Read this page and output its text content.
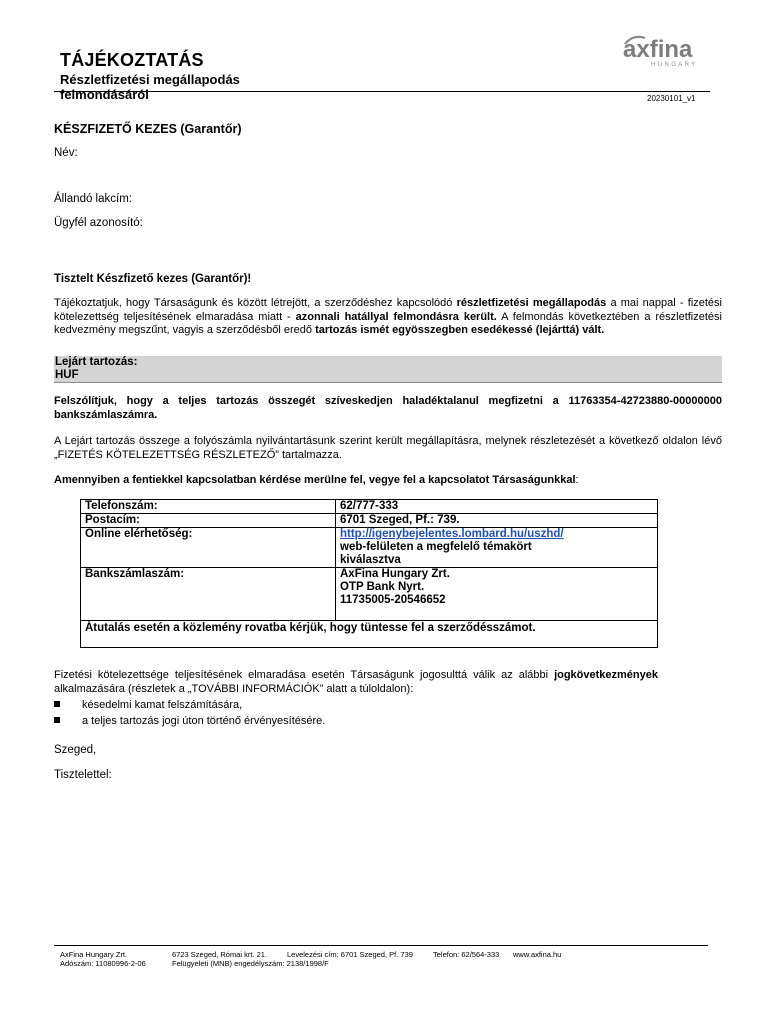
TÁJÉKOZTATÁS
Részletfizetési megállapodás felmondásáról	20230101_v1
axfina
HUNGARY
KÉSZFIZETŐ KEZES (Garantőr)
Név:
Állandó lakcím:
Ügyfél azonosító:
Tisztelt Készfizető kezes (Garantőr)!
Tájékoztatjuk, hogy Társaságunk és között létrejött, a szerződéshez kapcsolódó részletfizetési megállapodás a mai nappal - fizetési kötelezettség teljesítésének elmaradása miatt - azonnali hatállyal felmondásra került. A felmondás következtében a részletfizetési kedvezmény megszűnt, vagyis a szerződésből eredő tartozás ismét egyösszegben esedékessé (lejárttá) vált.
Lejárt tartozás:
HUF
Felszólítjuk, hogy a teljes tartozás összegét szíveskedjen haladéktalanul megfizetni a 11763354-42723880-00000000 bankszámlaszámra.
A Lejárt tartozás összege a folyószámla nyilvántartásunk szerint került megállapításra, melynek részletezését a következő oldalon lévő „FIZETÉS KÖTELEZETTSÉG RÉSZLETEZŐ” tartalmazza.
Amennyiben a fentiekkel kapcsolatban kérdése merülne fel, vegye fel a kapcsolatot Társaságunkkal:
Telefonszám:	62/777-333
Postacím:	6701 Szeged, Pf.: 739.
Online elérhetőség:	http://igenybejelentes.lombard.hu/uszhd/
web-felületen a megfelelő témakört
kiválasztva
Bankszámlaszám:	AxFina Hungary Zrt.
OTP Bank Nyrt.
11735005-20546652
Átutalás esetén a közlemény rovatba kérjük, hogy tüntesse fel a szerződésszámot.	
Fizetési kötelezettsége teljesítésének elmaradása esetén Társaságunk jogosulttá válik az alábbi jogkövetkezmények alkalmazására (részletek a „TOVÁBBI INFORMÁCIÓK” alatt a túloldalon):
késedelmi kamat felszámítására,
a teljes tartozás jogi úton történő érvényesítésére.
Szeged,
Tisztelettel:
AxFina Hungary Zrt.
Adószám: 11080996-2-06
6723 Szeged, Római krt. 21.
Felügyeleti (MNB) engedélyszám: 2138/1998/F
Levelezési cím: 6701 Szeged, Pf. 739	Telefon: 62/564-333 www.axfina.hu
